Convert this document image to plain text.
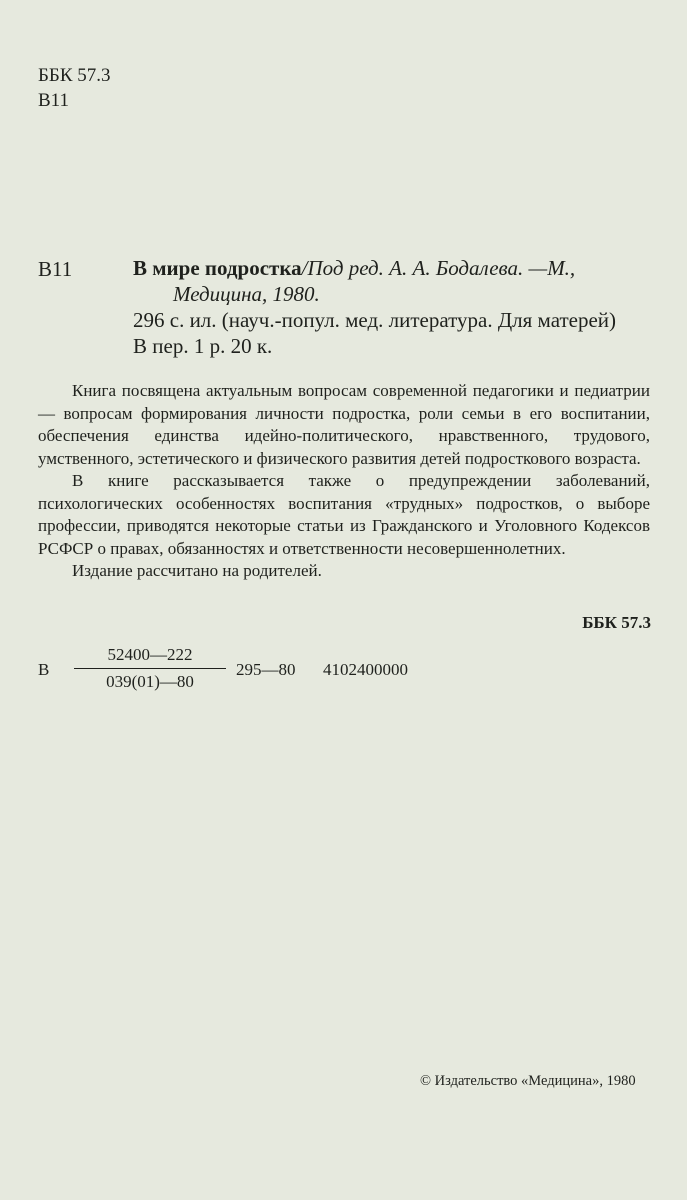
ББК 57.3
В11
В11	В мире подростка/Под ред. А. А. Бодалева. —М.,
Медицина, 1980.
296 с. ил. (науч.-попул. мед. литература. Для матерей)
В пер. 1 р. 20 к.

Книга посвящена актуальным вопросам современной педагогики и педиатрии — вопросам формирования личности подростка, роли семьи в его воспитании, обеспечения единства идейно-политического, нравственного, трудового, умственного, эстетического и физического развития детей подросткового возраста.

В книге рассказывается также о предупреждении заболеваний, психологических особенностях воспитания «трудных» подростков, о выборе профессии, приводятся некоторые статьи из Гражданского и Уголовного Кодексов РСФСР о правах, обязанностях и ответственности несовершеннолетних.

Издание рассчитано на родителей.

ББК 57.3
В
52400—222
039(01)—80
295—80 4102400000
© Издательство «Медицина», 1980
